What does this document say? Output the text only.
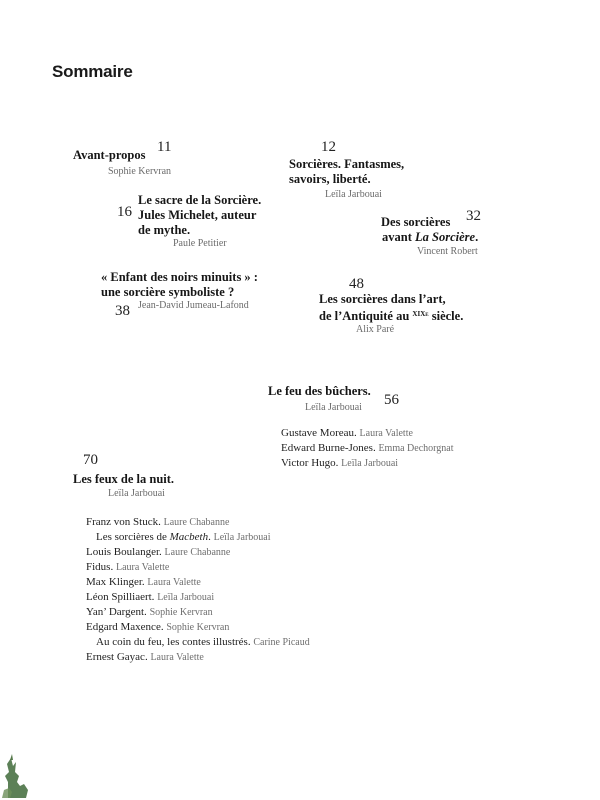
Sommaire
Avant-propos 11
Sophie Kervran
12
Sorcières. Fantasmes,
savoirs, liberté.
Leïla Jarbouai
16
Le sacre de la Sorcière.
Jules Michelet, auteur
de mythe.
Paule Petitier
Des sorcières
avant La Sorcière.
32
Vincent Robert
« Enfant des noirs minuits » :
une sorcière symboliste ?
38 Jean-David Jumeau-Lafond
48
Les sorcières dans l’art,
de l’Antiquité au $^{XIXe}$ siècle.
Alix Paré
Le feu des bûchers.
56
Leïla Jarbouai
Gustave Moreau. Laura Valette
Edward Burne-Jones. Emma Dechorgnat
Victor Hugo. Leïla Jarbouai
70
Les feux de la nuit.
Leïla Jarbouai
Franz von Stuck. Laure Chabanne
Les sorcières de Macbeth. Leïla Jarbouai
Louis Boulanger. Laure Chabanne
Fidus. Laura Valette
Max Klinger. Laura Valette
Léon Spilliaert. Leïla Jarbouai
Yan’ Dargent. Sophie Kervran
Edgard Maxence. Sophie Kervran
Au coin du feu, les contes illustrés. Carine Picaud
Ernest Gayac. Laura Valette
